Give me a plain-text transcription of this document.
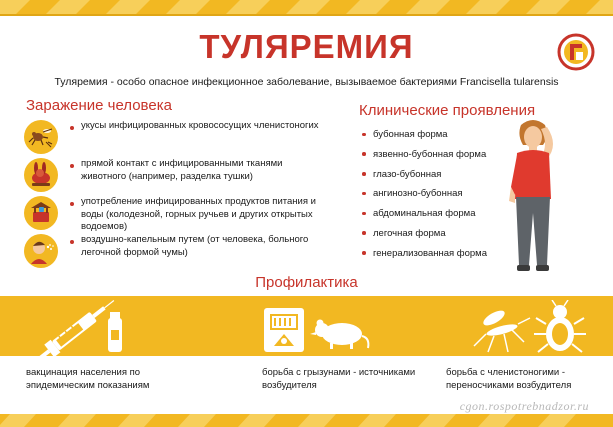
ТУЛЯРЕМИЯ

Туляремия - особо опасное инфекционное заболевание, вызываемое бактериями Francisella tularensis

Заражение человека
укусы инфицированных кровососущих членистоногих
прямой контакт с инфицированными тканями животного (например, разделка тушки)
употребление инфицированных продуктов питания и воды (колодезной, горных ручьев и других открытых водоемов)
воздушно-капельным путем (от человека, больного легочной формой чумы)
Клинические проявления
бубонная форма
язвенно-бубонная форма
глазо-бубонная
ангинозно-бубонная
абдоминальная форма
легочная форма
генерализованная форма
Профилактика

вакцинация населения по эпидемическим показаниям

борьба с грызунами - источниками возбудителя

борьба с членистоногими - переносчиками возбудителя

cgon.rospotrebnadzor.ru
